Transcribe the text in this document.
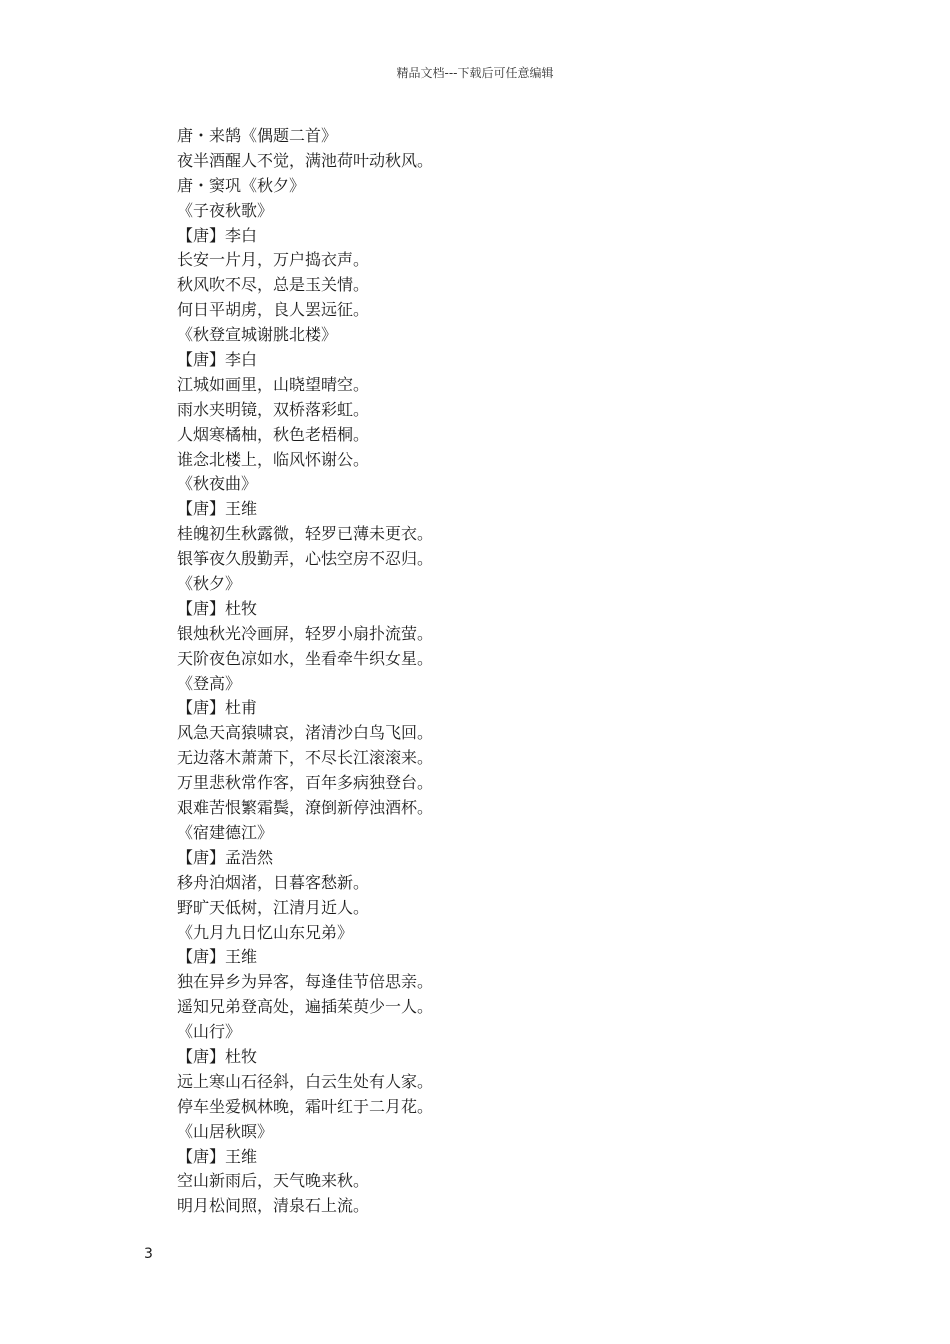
精品文档---下载后可任意编辑
唐・来鹄《偶题二首》
夜半酒醒人不觉，满池荷叶动秋风。
唐・窦巩《秋夕》
《子夜秋歌》
【唐】李白
长安一片月，万户捣衣声。
秋风吹不尽，总是玉关情。
何日平胡虏，良人罢远征。
《秋登宣城谢朓北楼》
【唐】李白
江城如画里，山晓望晴空。
雨水夹明镜，双桥落彩虹。
人烟寒橘柚，秋色老梧桐。
谁念北楼上，临风怀谢公。
《秋夜曲》
【唐】王维
桂魄初生秋露微，轻罗已薄未更衣。
银筝夜久殷勤弄，心怯空房不忍归。
《秋夕》
【唐】杜牧
银烛秋光冷画屏，轻罗小扇扑流萤。
天阶夜色凉如水，坐看牵牛织女星。
《登高》
【唐】杜甫
风急天高猿啸哀，渚清沙白鸟飞回。
无边落木萧萧下，不尽长江滚滚来。
万里悲秋常作客，百年多病独登台。
艰难苦恨繁霜鬓，潦倒新停浊酒杯。
《宿建德江》
【唐】孟浩然
移舟泊烟渚，日暮客愁新。
野旷天低树，江清月近人。
《九月九日忆山东兄弟》
【唐】王维
独在异乡为异客，每逢佳节倍思亲。
遥知兄弟登高处，遍插茱萸少一人。
《山行》
【唐】杜牧
远上寒山石径斜，白云生处有人家。
停车坐爱枫林晚，霜叶红于二月花。
《山居秋暝》
【唐】王维
空山新雨后，天气晚来秋。
明月松间照，清泉石上流。
3
